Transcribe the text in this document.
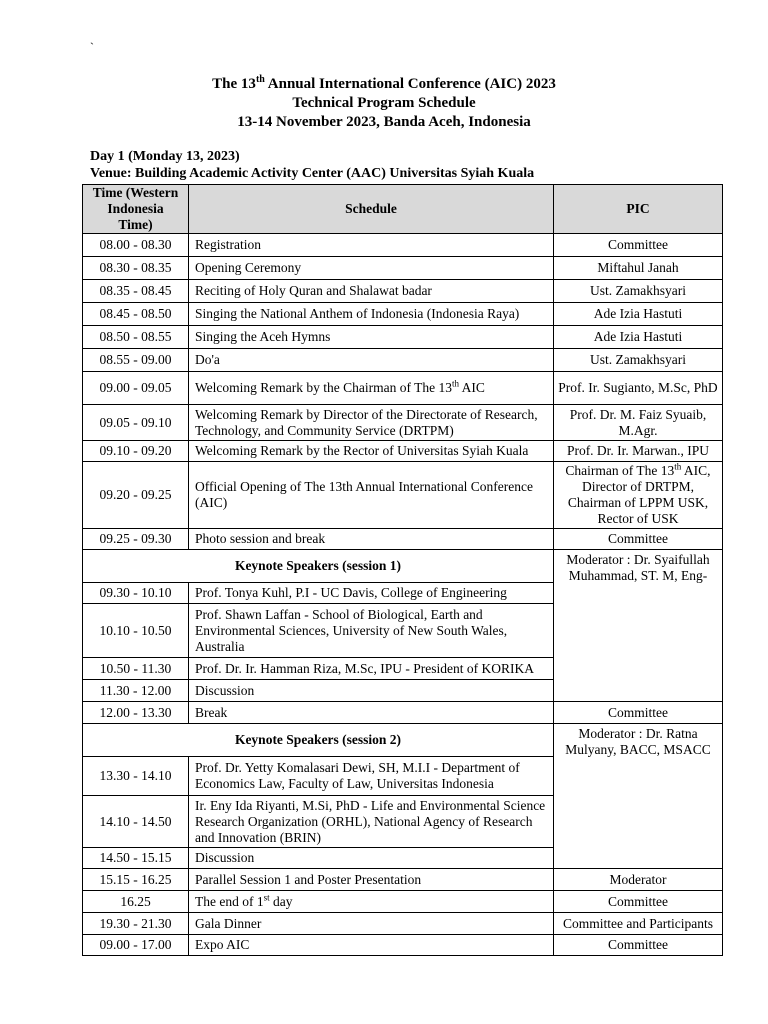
`
The 13th Annual International Conference (AIC) 2023
Technical Program Schedule
13-14 November 2023, Banda Aceh, Indonesia
Day 1 (Monday 13, 2023)
Venue: Building Academic Activity Center (AAC) Universitas Syiah Kuala
Time (Western Indonesia Time)	Schedule	PIC
08.00 - 08.30	Registration	Committee
08.30 - 08.35	Opening Ceremony	Miftahul Janah
08.35 - 08.45	Reciting of Holy Quran and Shalawat badar	Ust. Zamakhsyari
08.45 - 08.50	Singing the National Anthem of Indonesia (Indonesia Raya)	Ade Izia Hastuti
08.50 - 08.55	Singing the Aceh Hymns	Ade Izia Hastuti
08.55 - 09.00	Do'a	Ust. Zamakhsyari
09.00 - 09.05	Welcoming Remark by the Chairman of The 13th AIC	Prof. Ir. Sugianto, M.Sc, PhD
09.05 - 09.10	Welcoming Remark by Director of the Directorate of Research, Technology, and Community Service (DRTPM)	Prof. Dr. M. Faiz Syuaib, M.Agr.
09.10 - 09.20	Welcoming Remark by the Rector of Universitas Syiah Kuala	Prof. Dr. Ir. Marwan., IPU
09.20 - 09.25	Official Opening of The 13th Annual International Conference (AIC)	Chairman of The 13th AIC, Director of DRTPM, Chairman of LPPM USK, Rector of USK
09.25 - 09.30	Photo session and break	Committee
Keynote Speakers (session 1)		Moderator : Dr. Syaifullah Muhammad, ST. M, Eng-
09.30 - 10.10	Prof. Tonya Kuhl, P.I - UC Davis, College of Engineering	
10.10 - 10.50	Prof. Shawn Laffan - School of Biological, Earth and Environmental Sciences, University of New South Wales, Australia	
10.50 - 11.30	Prof. Dr. Ir. Hamman Riza, M.Sc, IPU - President of KORIKA	
11.30 - 12.00	Discussion	
12.00 - 13.30	Break	Committee
Keynote Speakers (session 2)		Moderator : Dr. Ratna Mulyany, BACC, MSACC
13.30 - 14.10	Prof. Dr. Yetty Komalasari Dewi, SH, M.I.I - Department of Economics Law, Faculty of Law, Universitas Indonesia	
14.10 - 14.50	Ir. Eny Ida Riyanti, M.Si, PhD - Life and Environmental Science Research Organization (ORHL), National Agency of Research and Innovation (BRIN)	
14.50 - 15.15	Discussion	
15.15 - 16.25	Parallel Session 1 and Poster Presentation	Moderator
16.25	The end of 1st day	Committee
19.30 - 21.30	Gala Dinner	Committee and Participants
09.00 - 17.00	Expo AIC	Committee
